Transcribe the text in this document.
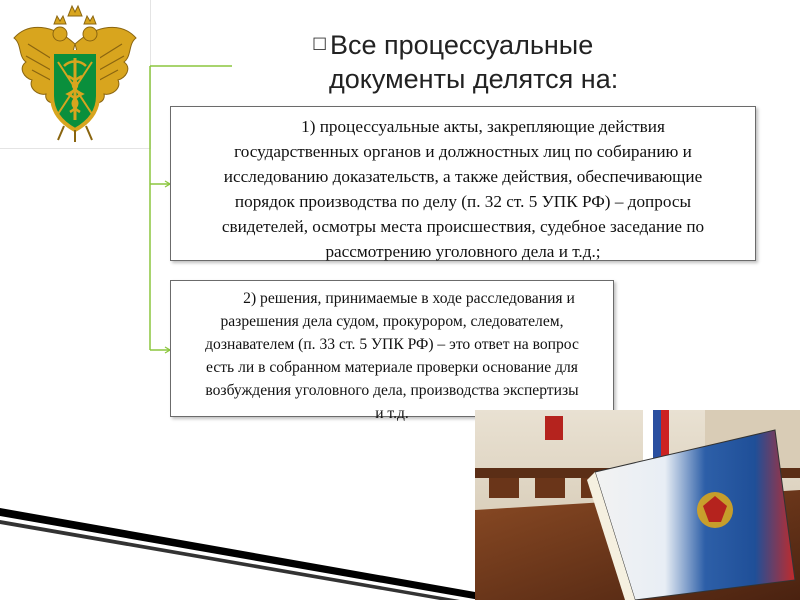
☐ Все процессуальные
документы делятся на:
1) процессуальные акты, закрепляющие действия
государственных органов и должностных лиц по собиранию и
исследованию доказательств, а также действия, обеспечивающие
порядок производства по делу (п. 32 ст. 5 УПК РФ) – допросы
свидетелей, осмотры места происшествия, судебное заседание по
рассмотрению уголовного дела и т.д.;
2) решения, принимаемые в ходе расследования и
разрешения дела судом, прокурором, следователем,
дознавателем (п. 33 ст. 5 УПК РФ) – это ответ на вопрос
есть ли в собранном материале проверки основание для
возбуждения уголовного дела, производства экспертизы
и т.д.
